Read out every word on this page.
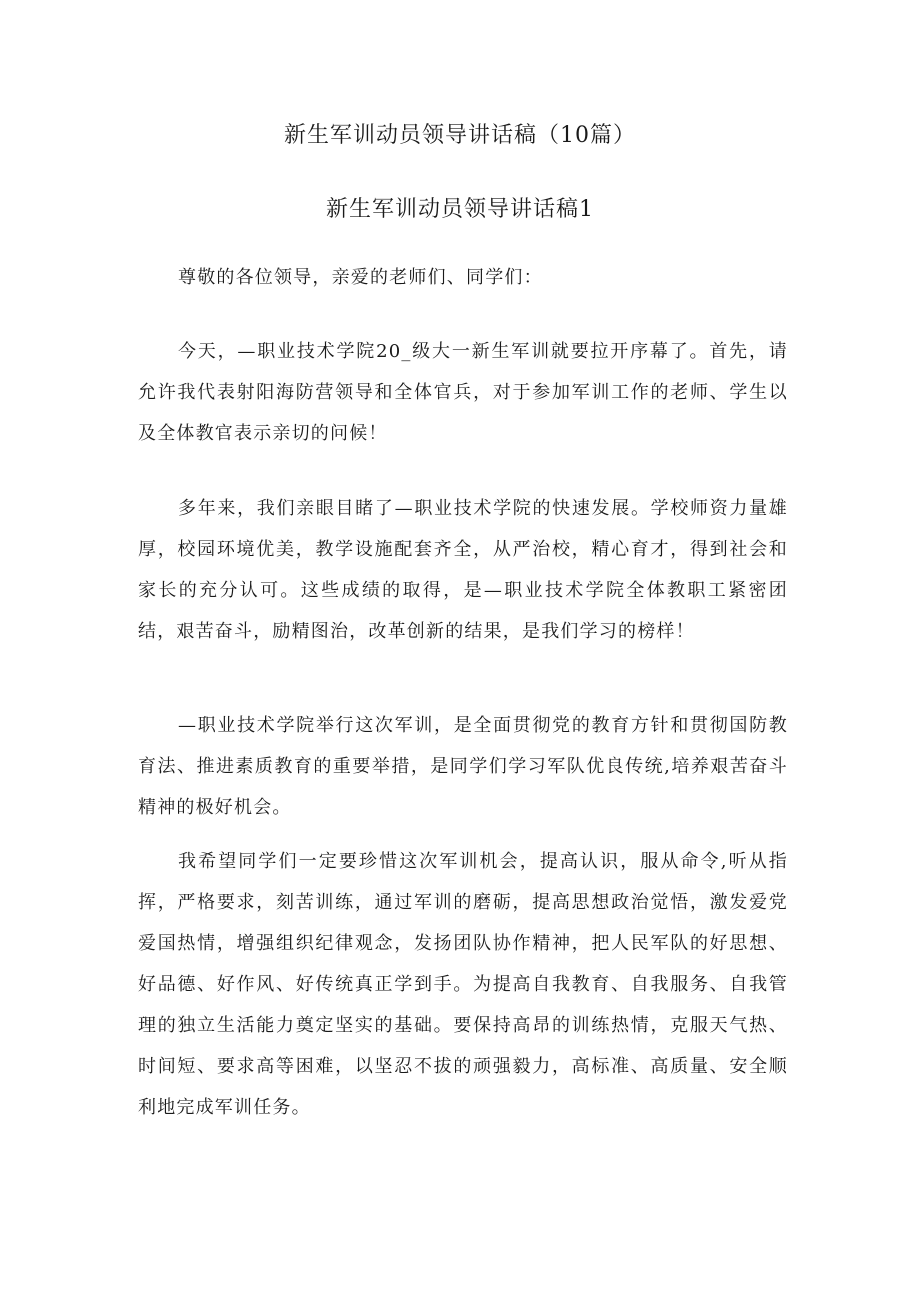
新生军训动员领导讲话稿（10篇）
新生军训动员领导讲话稿1

尊敬的各位领导，亲爱的老师们、同学们：

今天，—职业技术学院20_级大一新生军训就要拉开序幕了。首先，请允许我代表射阳海防营领导和全体官兵，对于参加军训工作的老师、学生以及全体教官表示亲切的问候！

多年来，我们亲眼目睹了—职业技术学院的快速发展。学校师资力量雄厚，校园环境优美，教学设施配套齐全，从严治校，精心育才，得到社会和家长的充分认可。这些成绩的取得，是—职业技术学院全体教职工紧密团结，艰苦奋斗，励精图治，改革创新的结果，是我们学习的榜样！

—职业技术学院举行这次军训，是全面贯彻党的教育方针和贯彻国防教育法、推进素质教育的重要举措，是同学们学习军队优良传统,培养艰苦奋斗精神的极好机会。

我希望同学们一定要珍惜这次军训机会，提高认识，服从命令,听从指挥，严格要求，刻苦训练，通过军训的磨砺，提高思想政治觉悟，激发爱党爱国热情，增强组织纪律观念，发扬团队协作精神，把人民军队的好思想、好品德、好作风、好传统真正学到手。为提高自我教育、自我服务、自我管理的独立生活能力奠定坚实的基础。要保持高昂的训练热情，克服天气热、时间短、要求高等困难，以坚忍不拔的顽强毅力，高标准、高质量、安全顺利地完成军训任务。
